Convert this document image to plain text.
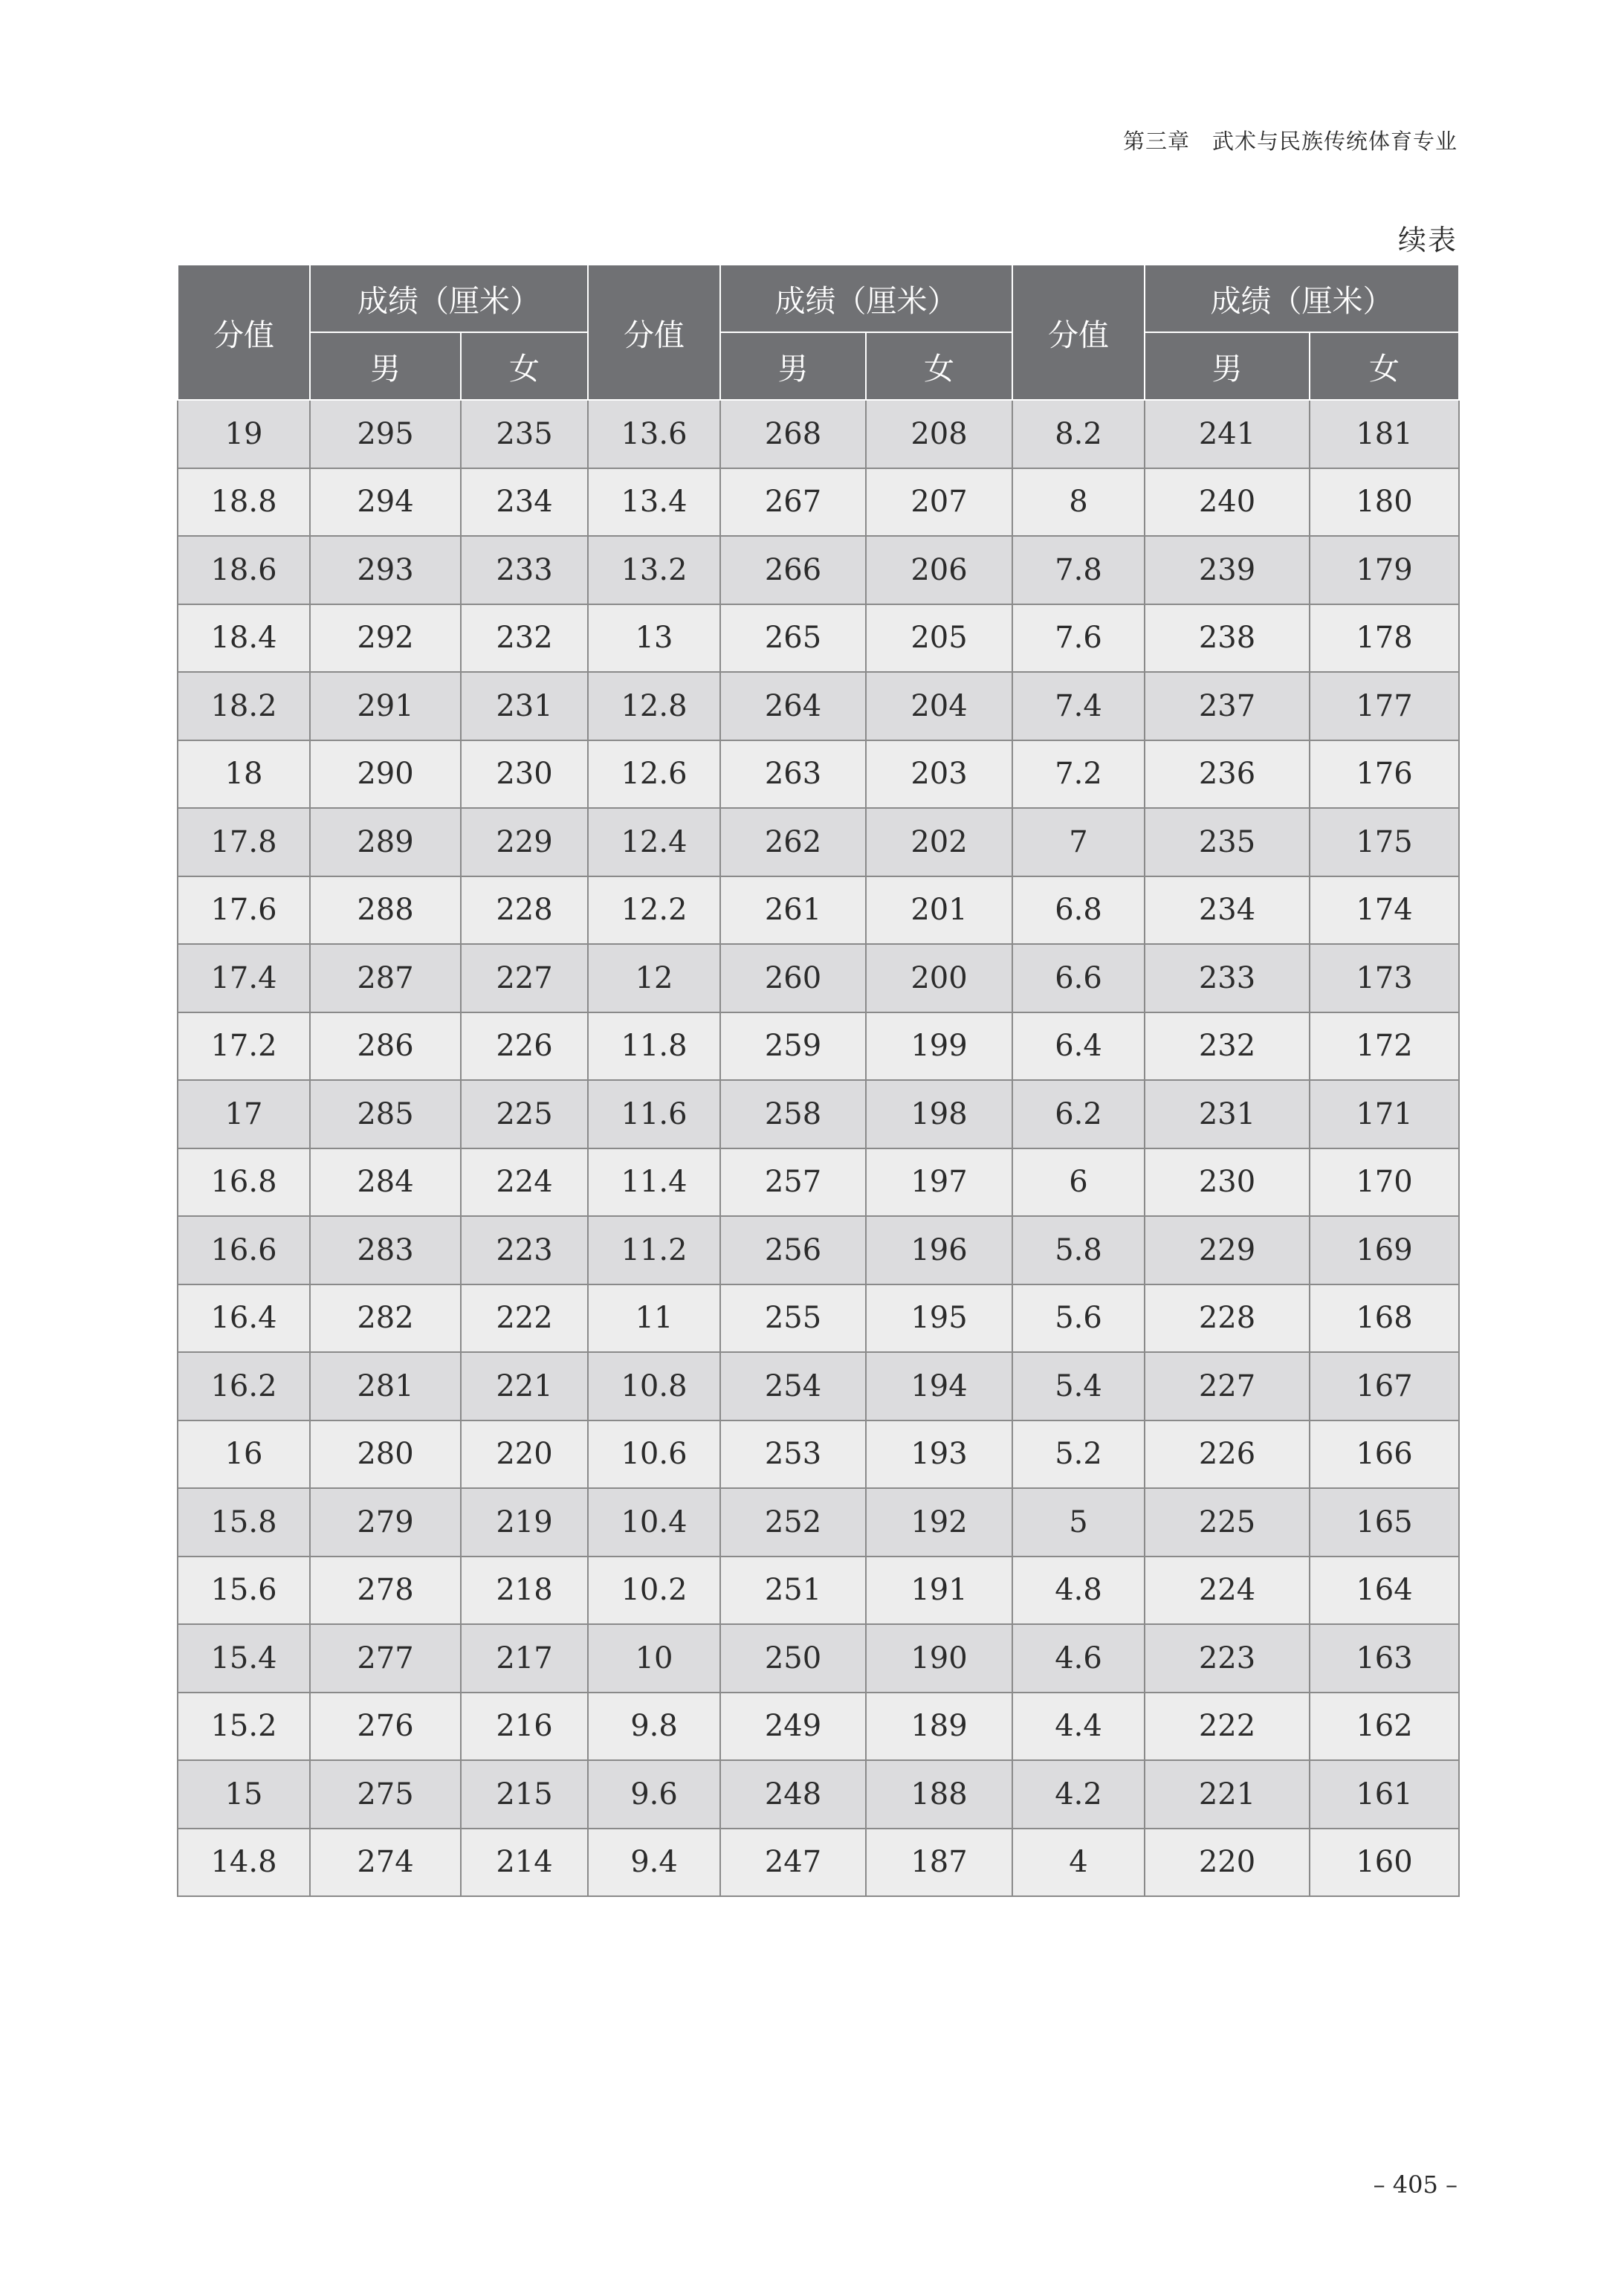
第三章　武术与民族传统体育专业
续表
分值	成绩（厘米）		分值	成绩（厘米）		分值	成绩（厘米）	
	男	女		男	女		男	女
19	295	235	13.6	268	208	8.2	241	181
18.8	294	234	13.4	267	207	8	240	180
18.6	293	233	13.2	266	206	7.8	239	179
18.4	292	232	13	265	205	7.6	238	178
18.2	291	231	12.8	264	204	7.4	237	177
18	290	230	12.6	263	203	7.2	236	176
17.8	289	229	12.4	262	202	7	235	175
17.6	288	228	12.2	261	201	6.8	234	174
17.4	287	227	12	260	200	6.6	233	173
17.2	286	226	11.8	259	199	6.4	232	172
17	285	225	11.6	258	198	6.2	231	171
16.8	284	224	11.4	257	197	6	230	170
16.6	283	223	11.2	256	196	5.8	229	169
16.4	282	222	11	255	195	5.6	228	168
16.2	281	221	10.8	254	194	5.4	227	167
16	280	220	10.6	253	193	5.2	226	166
15.8	279	219	10.4	252	192	5	225	165
15.6	278	218	10.2	251	191	4.8	224	164
15.4	277	217	10	250	190	4.6	223	163
15.2	276	216	9.8	249	189	4.4	222	162
15	275	215	9.6	248	188	4.2	221	161
14.8	274	214	9.4	247	187	4	220	160
– 405 –
